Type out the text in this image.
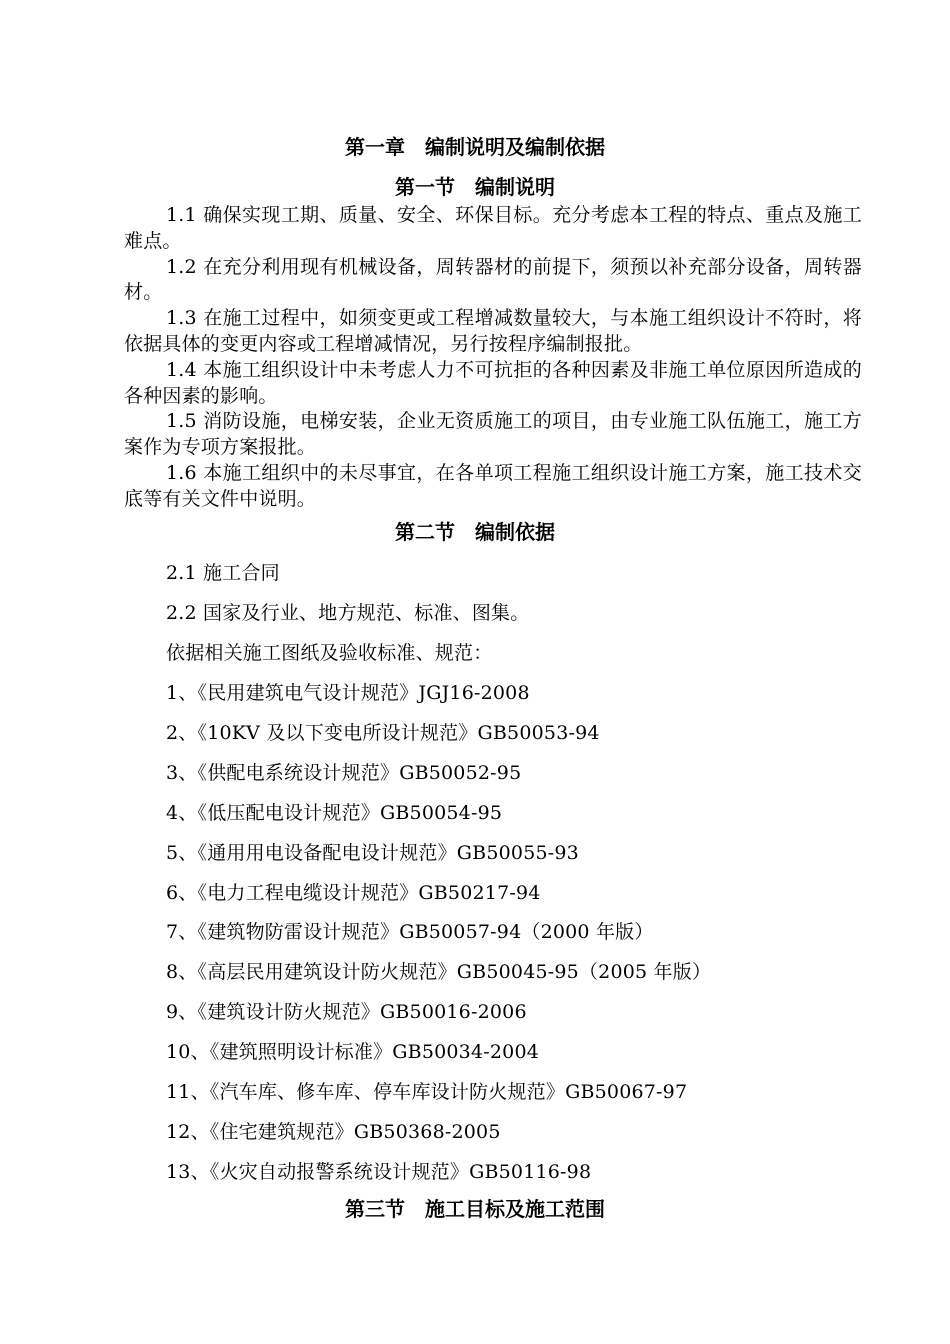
第一章　编制说明及编制依据
第一节　编制说明

1.1 确保实现工期、质量、安全、环保目标。充分考虑本工程的特点、重点及施工难点。

1.2 在充分利用现有机械设备，周转器材的前提下，须预以补充部分设备，周转器材。

1.3 在施工过程中，如须变更或工程增减数量较大，与本施工组织设计不符时，将依据具体的变更内容或工程增减情况，另行按程序编制报批。

1.4 本施工组织设计中未考虑人力不可抗拒的各种因素及非施工单位原因所造成的各种因素的影响。

1.5 消防设施，电梯安装，企业无资质施工的项目，由专业施工队伍施工，施工方案作为专项方案报批。

1.6 本施工组织中的未尽事宜，在各单项工程施工组织设计施工方案，施工技术交底等有关文件中说明。

第二节　编制依据
2.1 施工合同
2.2 国家及行业、地方规范、标准、图集。
依据相关施工图纸及验收标准、规范：
1、《民用建筑电气设计规范》JGJ16-2008
2、《10KV 及以下变电所设计规范》GB50053-94
3、《供配电系统设计规范》GB50052-95
4、《低压配电设计规范》GB50054-95
5、《通用用电设备配电设计规范》GB50055-93
6、《电力工程电缆设计规范》GB50217-94
7、《建筑物防雷设计规范》GB50057-94（2000 年版）
8、《高层民用建筑设计防火规范》GB50045-95（2005 年版）
9、《建筑设计防火规范》GB50016-2006
10、《建筑照明设计标准》GB50034-2004
11、《汽车库、修车库、停车库设计防火规范》GB50067-97
12、《住宅建筑规范》GB50368-2005
13、《火灾自动报警系统设计规范》GB50116-98
第三节　施工目标及施工范围
